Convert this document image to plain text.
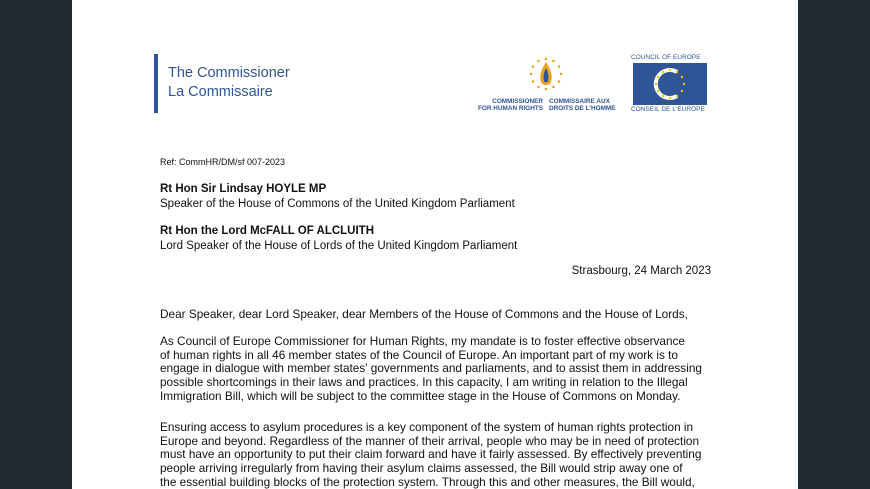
The Commissioner
La Commissaire
COMMISSIONER
FOR HUMAN RIGHTS
COMMISSAIRE AUX
DROITS DE L'HOMME
COUNCIL OF EUROPE
CONSEIL DE L'EUROPE
Ref: CommHR/DM/sf 007-2023
Rt Hon Sir Lindsay HOYLE MP
Speaker of the House of Commons of the United Kingdom Parliament
Rt Hon the Lord McFALL OF ALCLUITH
Lord Speaker of the House of Lords of the United Kingdom Parliament
Strasbourg, 24 March 2023
Dear Speaker, dear Lord Speaker, dear Members of the House of Commons and the House of Lords,
As Council of Europe Commissioner for Human Rights, my mandate is to foster effective observance
of human rights in all 46 member states of the Council of Europe. An important part of my work is to
engage in dialogue with member states' governments and parliaments, and to assist them in addressing
possible shortcomings in their laws and practices. In this capacity, I am writing in relation to the Illegal
Immigration Bill, which will be subject to the committee stage in the House of Commons on Monday.
Ensuring access to asylum procedures is a key component of the system of human rights protection in
Europe and beyond. Regardless of the manner of their arrival, people who may be in need of protection
must have an opportunity to put their claim forward and have it fairly assessed. By effectively preventing
people arriving irregularly from having their asylum claims assessed, the Bill would strip away one of
the essential building blocks of the protection system. Through this and other measures, the Bill would,
